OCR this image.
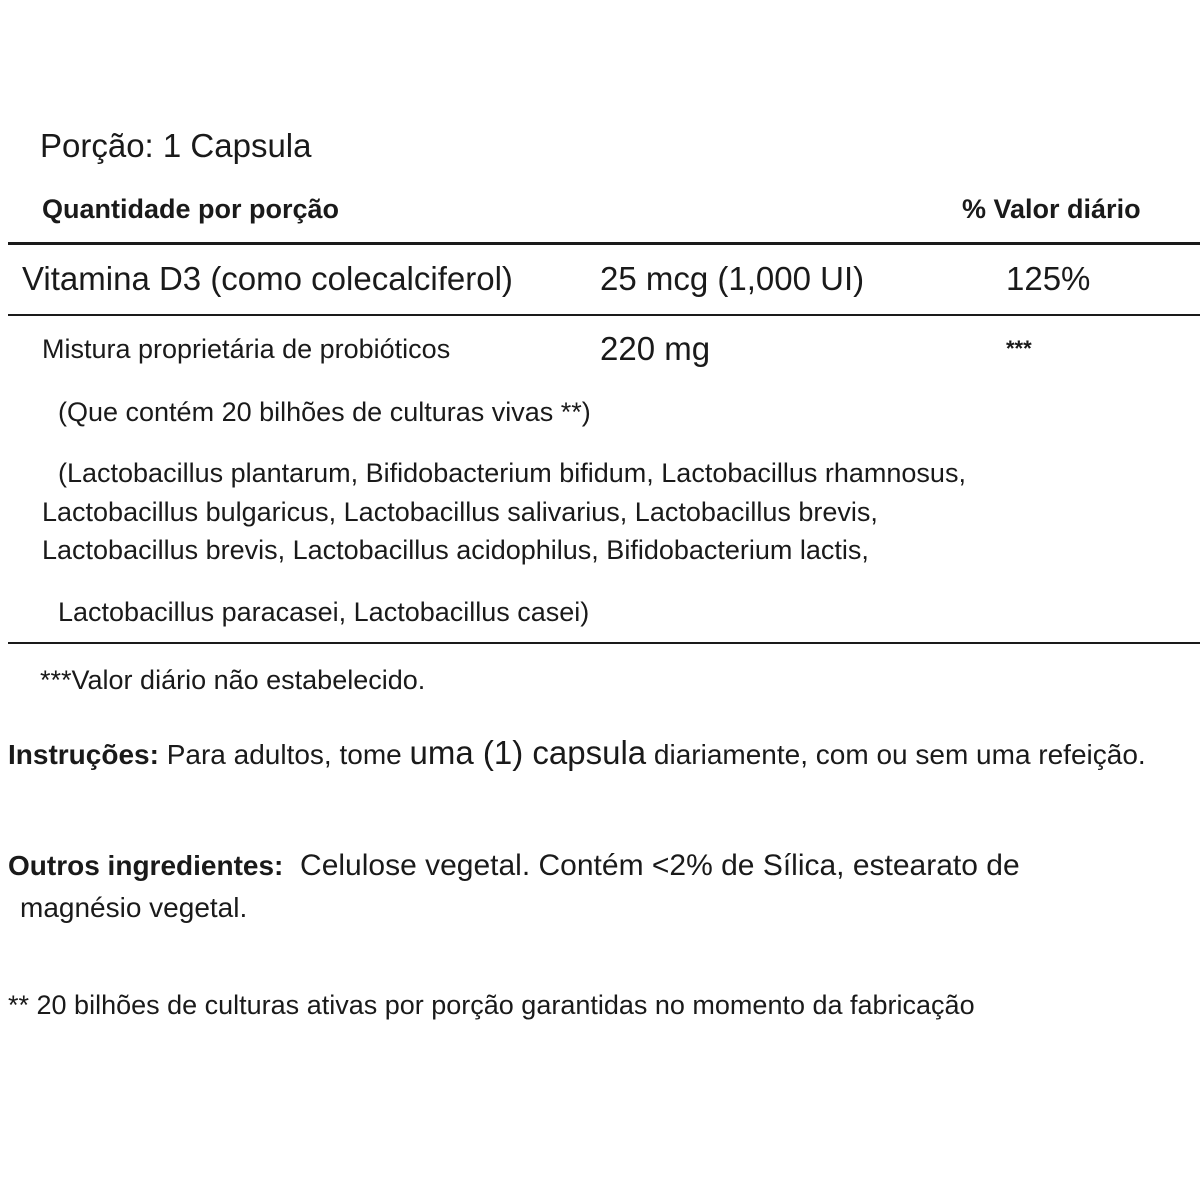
Porção: 1 Capsula
Quantidade por porção	% Valor diário
Vitamina D3 (como colecalciferol)	25 mcg (1,000 UI)	125%
Mistura proprietária de probióticos	220 mg	***
(Que contém 20 bilhões de culturas vivas **)
(Lactobacillus plantarum, Bifidobacterium bifidum, Lactobacillus rhamnosus,
Lactobacillus bulgaricus, Lactobacillus salivarius, Lactobacillus brevis,
Lactobacillus brevis, Lactobacillus acidophilus, Bifidobacterium lactis,
Lactobacillus paracasei, Lactobacillus casei)
***Valor diário não estabelecido.
Instruções: Para adultos, tome uma (1) capsula diariamente, com ou sem uma refeição.
Outros ingredientes:  Celulose vegetal. Contém <2% de Sílica, estearato de
magnésio vegetal.
** 20 bilhões de culturas ativas por porção garantidas no momento da fabricação
